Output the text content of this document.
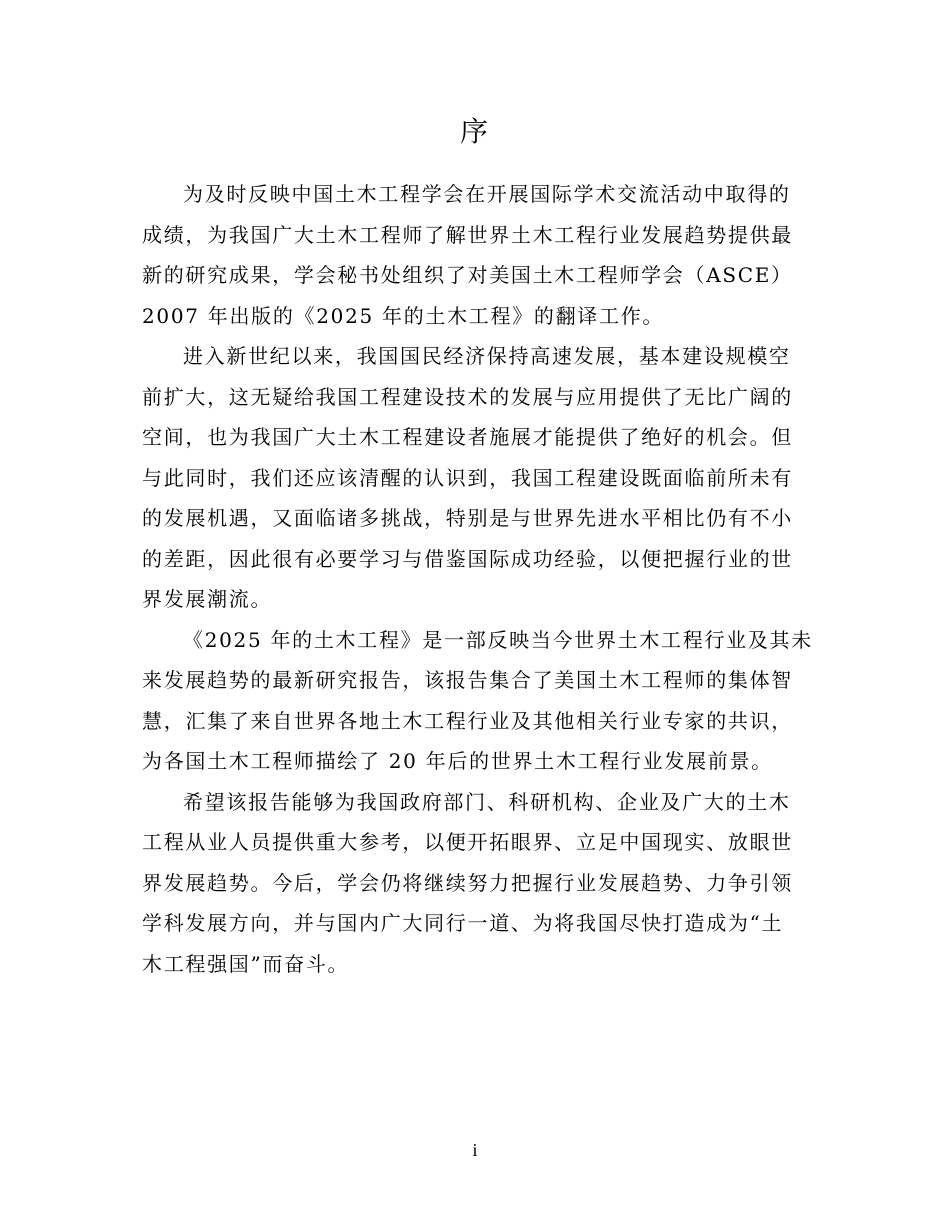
序
为及时反映中国土木工程学会在开展国际学术交流活动中取得的
成绩，为我国广大土木工程师了解世界土木工程行业发展趋势提供最
新的研究成果，学会秘书处组织了对美国土木工程师学会（ASCE）
2007 年出版的《2025 年的土木工程》的翻译工作。
进入新世纪以来，我国国民经济保持高速发展，基本建设规模空
前扩大，这无疑给我国工程建设技术的发展与应用提供了无比广阔的
空间，也为我国广大土木工程建设者施展才能提供了绝好的机会。但
与此同时，我们还应该清醒的认识到，我国工程建设既面临前所未有
的发展机遇，又面临诸多挑战，特别是与世界先进水平相比仍有不小
的差距，因此很有必要学习与借鉴国际成功经验，以便把握行业的世
界发展潮流。
《2025 年的土木工程》是一部反映当今世界土木工程行业及其未
来发展趋势的最新研究报告，该报告集合了美国土木工程师的集体智
慧，汇集了来自世界各地土木工程行业及其他相关行业专家的共识，
为各国土木工程师描绘了 20 年后的世界土木工程行业发展前景。
希望该报告能够为我国政府部门、科研机构、企业及广大的土木
工程从业人员提供重大参考，以便开拓眼界、立足中国现实、放眼世
界发展趋势。今后，学会仍将继续努力把握行业发展趋势、力争引领
学科发展方向，并与国内广大同行一道、为将我国尽快打造成为“土
木工程强国”而奋斗。
i
